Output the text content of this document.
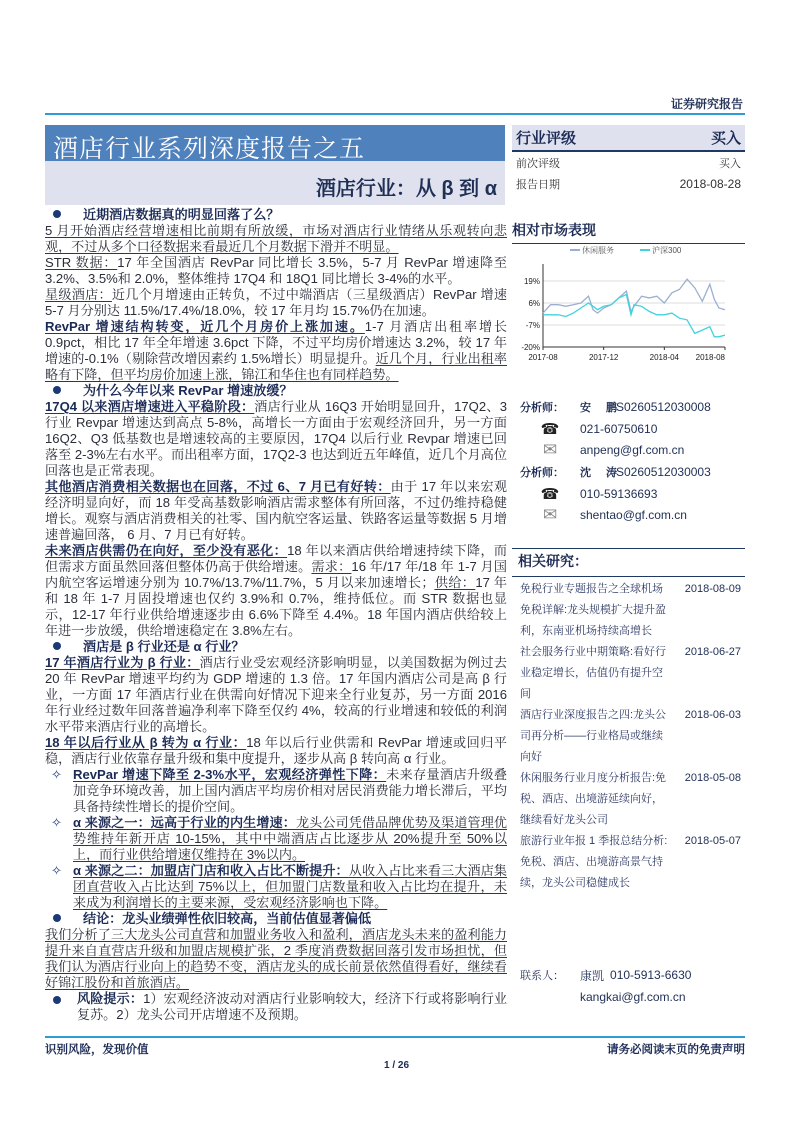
证券研究报告
酒店行业系列深度报告之五
酒店行业：从 β 到 α
近期酒店数据真的明显回落了么？
5 月开始酒店经营增速相比前期有所放缓，市场对酒店行业情绪从乐观转向悲观，不过从多个口径数据来看最近几个月数据下滑并不明显。
STR 数据：17 年全国酒店 RevPar 同比增长 3.5%，5-7 月 RevPar 增速降至 3.2%、3.5%和 2.0%，整体维持 17Q4 和 18Q1 同比增长 3-4%的水平。
星级酒店：近几个月增速由正转负，不过中端酒店（三星级酒店）RevPar 增速 5-7 月分别达 11.5%/17.4%/18.0%，较 17 年月均 15.7%仍在加速。
RevPar 增速结构转变，近几个月房价上涨加速。1-7 月酒店出租率增长 0.9pct，相比 17 年全年增速 3.6pct 下降，不过平均房价增速达 3.2%，较 17 年增速的-0.1%（剔除营改增因素约 1.5%增长）明显提升。近几个月，行业出租率略有下降，但平均房价加速上涨，锦江和华住也有同样趋势。
为什么今年以来 RevPar 增速放缓？
17Q4 以来酒店增速进入平稳阶段：酒店行业从 16Q3 开始明显回升，17Q2、3 行业 Revpar 增速达到高点 5-8%，高增长一方面由于宏观经济回升，另一方面 16Q2、Q3 低基数也是增速较高的主要原因，17Q4 以后行业 Revpar 增速已回落至 2-3%左右水平。而出租率方面，17Q2-3 也达到近五年峰值，近几个月高位回落也是正常表现。
其他酒店消费相关数据也在回落，不过 6、7 月已有好转：由于 17 年以来宏观经济明显向好，而 18 年受高基数影响酒店需求整体有所回落，不过仍维持稳健增长。观察与酒店消费相关的社零、国内航空客运量、铁路客运量等数据 5 月增速普遍回落， 6 月、7 月已有好转。
未来酒店供需仍在向好，至少没有恶化：18 年以来酒店供给增速持续下降，而但需求方面虽然回落但整体仍高于供给增速。需求：16 年/17 年/18 年 1-7 月国内航空客运增速分别为 10.7%/13.7%/11.7%，5 月以来加速增长；供给：17 年和 18 年 1-7 月固投增速也仅约 3.9%和 0.7%，维持低位。而 STR 数据也显示，12-17 年行业供给增速逐步由 6.6%下降至 4.4%。18 年国内酒店供给较上年进一步放缓，供给增速稳定在 3.8%左右。
酒店是 β 行业还是 α 行业？
17 年酒店行业为 β 行业：酒店行业受宏观经济影响明显，以美国数据为例过去 20 年 RevPar 增速平均约为 GDP 增速的 1.3 倍。17 年国内酒店公司是高 β 行业，一方面 17 年酒店行业在供需向好情况下迎来全行业复苏，另一方面 2016 年行业经过数年回落普遍净利率下降至仅约 4%，较高的行业增速和较低的利润水平带来酒店行业的高增长。
18 年以后行业从 β 转为 α 行业：18 年以后行业供需和 RevPar 增速或回归平稳，酒店行业依靠存量升级和集中度提升，逐步从高 β 转向高 α 行业。
✧ RevPar 增速下降至 2-3%水平，宏观经济弹性下降：未来存量酒店升级叠加竞争环境改善，加上国内酒店平均房价相对居民消费能力增长滞后，平均具备持续性增长的提价空间。
✧ α 来源之一：远高于行业的内生增速：龙头公司凭借品牌优势及渠道管理优势维持年新开店 10-15%，其中中端酒店占比逐步从 20%提升至 50%以上，而行业供给增速仅维持在 3%以内。
✧ α 来源之二：加盟店门店和收入占比不断提升：从收入占比来看三大酒店集团直营收入占比达到 75%以上，但加盟门店数量和收入占比均在提升，未来成为利润增长的主要来源，受宏观经济影响也下降。
结论：龙头业绩弹性依旧较高，当前估值显著偏低
我们分析了三大龙头公司直营和加盟业务收入和盈利，酒店龙头未来的盈利能力提升来自直营店升级和加盟店规模扩张，2 季度消费数据回落引发市场担忧，但我们认为酒店行业向上的趋势不变，酒店龙头的成长前景依然值得看好，继续看好锦江股份和首旅酒店。
风险提示：1）宏观经济波动对酒店行业影响较大，经济下行或将影响行业复苏。2）龙头公司开店增速不及预期。
行业评级	买入
前次评级	买入
报告日期	2018-08-28
相对市场表现
休闲服务	沪深300
19%
6%
-7%
-20%
2017-08	2017-12	2018-04 2018-08
分析师：	安 鹏
S0260512030008
☎	021-60750610
✉	anpeng@gf.com.cn
分析师：	沈 涛
S0260512030003
☎	010-59136693
✉	shentao@gf.com.cn
相关研究：
免税行业专题报告之全球机场免税详解:龙头规模扩大提升盈利，东南亚机场持续高增长
2018-08-09
社会服务行业中期策略:看好行业稳定增长，估值仍有提升空间
2018-06-27
酒店行业深度报告之四:龙头公司再分析——行业格局或继续向好
2018-06-03
休闲服务行业月度分析报告:免税、酒店、出境游延续向好，继续看好龙头公司
2018-05-08
旅游行业年报 1 季报总结分析:免税、酒店、出境游高景气持续，龙头公司稳健成长
2018-05-07
联系人：	康凯 010-5913-6630
kangkai@gf.com.cn
识别风险，发现价值	请务必阅读末页的免责声明
1 / 26
